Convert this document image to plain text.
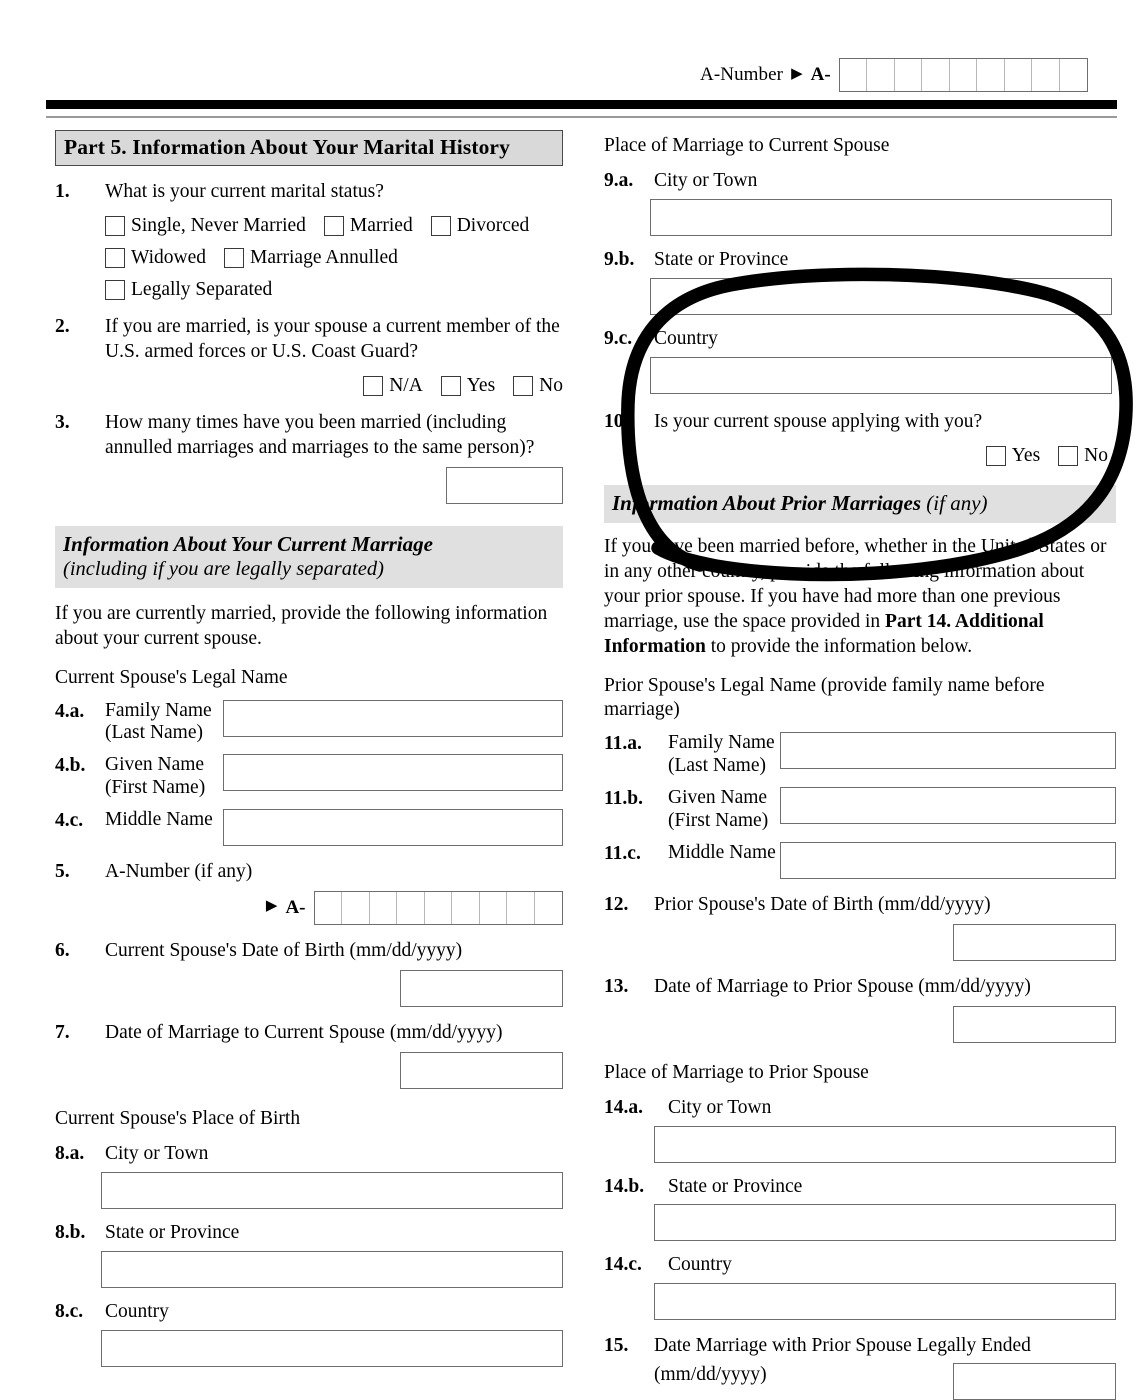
A-Number ▶ A-
Part 5. Information About Your Marital History
1.	What is your current marital status?
Single, Never Married Married Divorced
Widowed Marriage Annulled
Legally Separated
2.	If you are married, is your spouse a current member of the U.S. armed forces or U.S. Coast Guard?
N/A Yes No
3.	How many times have you been married (including annulled marriages and marriages to the same person)?
Information About Your Current Marriage
(including if you are legally separated)
If you are currently married, provide the following information about your current spouse.
Current Spouse's Legal Name
4.a.	Family Name
(Last Name)
4.b.	Given Name
(First Name)
4.c.	Middle Name
5.	A-Number (if any)
▶ A-
6.	Current Spouse's Date of Birth (mm/dd/yyyy)
7.	Date of Marriage to Current Spouse (mm/dd/yyyy)
Current Spouse's Place of Birth
8.a.	City or Town
8.b.	State or Province
8.c.	Country
Place of Marriage to Current Spouse
9.a.	City or Town
9.b.	State or Province
9.c.	Country
10.	Is your current spouse applying with you?
Yes No
Information About Prior Marriages (if any)
If you have been married before, whether in the United States or in any other country, provide the following information about your prior spouse. If you have had more than one previous marriage, use the space provided in Part 14. Additional Information to provide the information below.
Prior Spouse's Legal Name (provide family name before marriage)
11.a.	Family Name
(Last Name)
11.b.	Given Name
(First Name)
11.c.	Middle Name
12.	Prior Spouse's Date of Birth (mm/dd/yyyy)
13.	Date of Marriage to Prior Spouse (mm/dd/yyyy)
Place of Marriage to Prior Spouse
14.a.	City or Town
14.b.	State or Province
14.c.	Country
15.	Date Marriage with Prior Spouse Legally Ended
(mm/dd/yyyy)
